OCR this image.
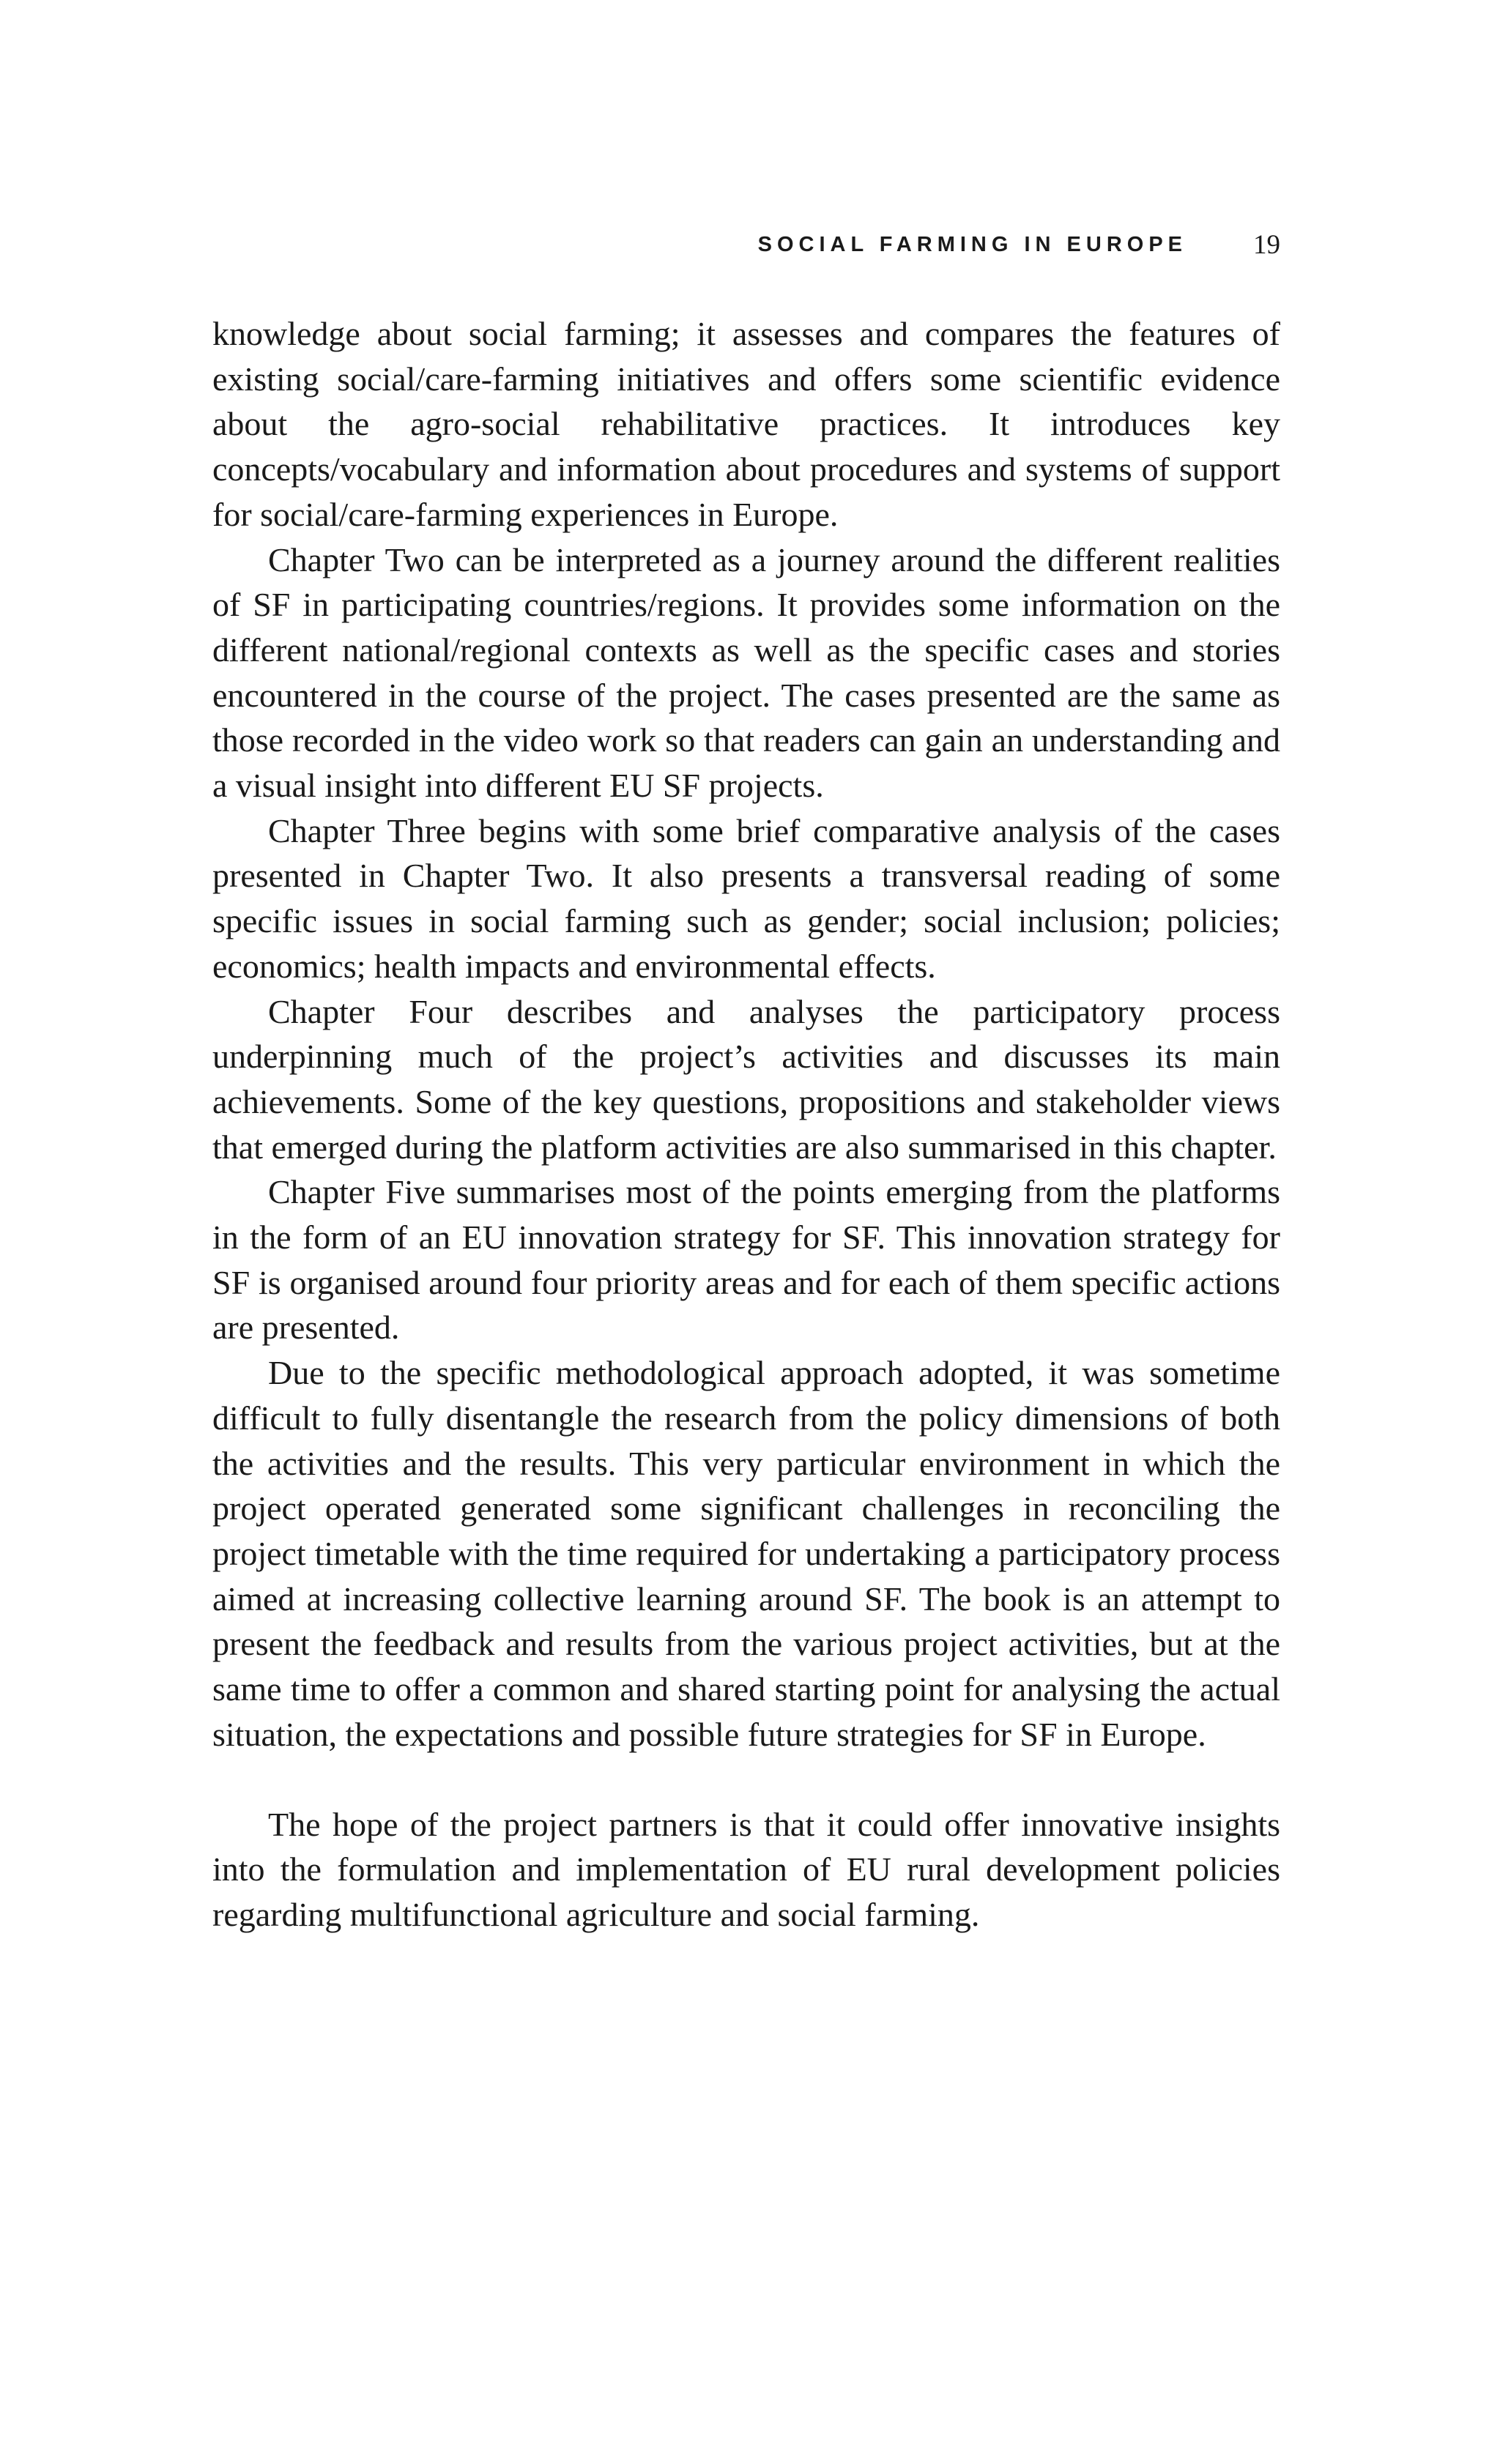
SOCIAL FARMING IN EUROPE 19

knowledge about social farming; it assesses and compares the features of existing social/care-farming initiatives and offers some scientific evidence about the agro-social rehabilitative practices. It introduces key concepts/vocabulary and information about procedures and systems of support for social/care-farming experiences in Europe.

Chapter Two can be interpreted as a journey around the different realities of SF in participating countries/regions. It provides some information on the different national/regional contexts as well as the specific cases and stories encountered in the course of the project. The cases presented are the same as those recorded in the video work so that readers can gain an understanding and a visual insight into different EU SF projects.

Chapter Three begins with some brief comparative analysis of the cases presented in Chapter Two. It also presents a transversal reading of some specific issues in social farming such as gender; social inclusion; policies; economics; health impacts and environmental effects.

Chapter Four describes and analyses the participatory process underpinning much of the project’s activities and discusses its main achievements. Some of the key questions, propositions and stakeholder views that emerged during the platform activities are also summarised in this chapter.

Chapter Five summarises most of the points emerging from the platforms in the form of an EU innovation strategy for SF. This innovation strategy for SF is organised around four priority areas and for each of them specific actions are presented.

Due to the specific methodological approach adopted, it was sometime difficult to fully disentangle the research from the policy dimensions of both the activities and the results. This very particular environment in which the project operated generated some significant challenges in reconciling the project timetable with the time required for undertaking a participatory process aimed at increasing collective learning around SF. The book is an attempt to present the feedback and results from the various project activities, but at the same time to offer a common and shared starting point for analysing the actual situation, the expectations and possible future strategies for SF in Europe.

The hope of the project partners is that it could offer innovative insights into the formulation and implementation of EU rural development policies regarding multifunctional agriculture and social farming.
